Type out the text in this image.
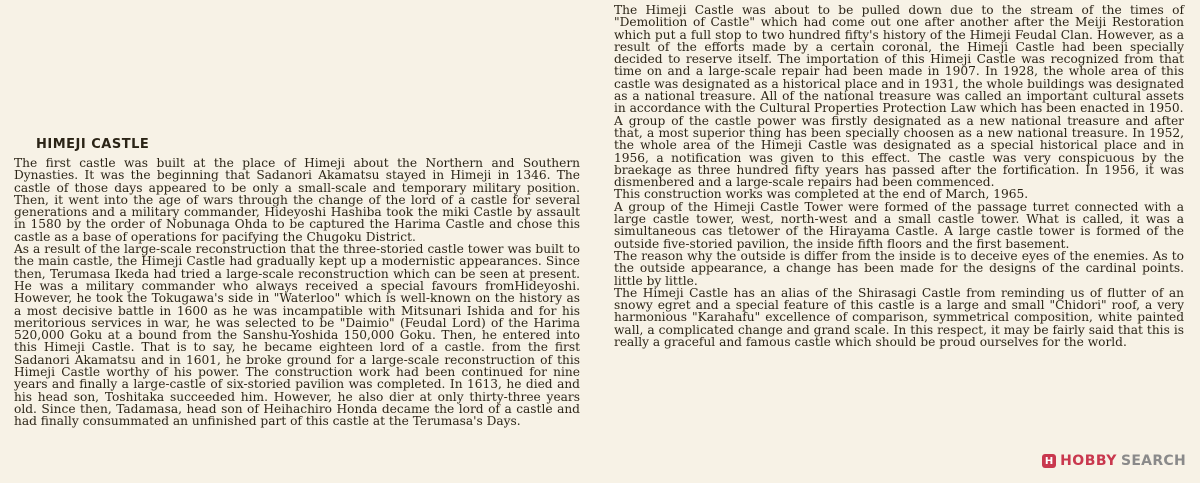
HIMEJI CASTLE

The first castle was built at the place of Himeji about the Northern and Southern Dynasties. It was the beginning that Sadanori Akamatsu stayed in Himeji in 1346. The castle of those days appeared to be only a small-scale and temporary military position. Then, it went into the age of wars through the change of the lord of a castle for several generations and a military commander, Hideyoshi Hashiba took the miki Castle by assault in 1580 by the order of Nobunaga Ohda to be captured the Harima Castle and chose this castle as a base of operations for pacifying the Chugoku District.

As a result of the large-scale reconstruction that the three-storied castle tower was built to the main castle, the Himeji Castle had gradually kept up a modernistic appearances. Since then, Terumasa Ikeda had tried a large-scale reconstruction which can be seen at present. He was a military commander who always received a special favours fromHideyoshi. However, he took the Tokugawa's side in "Waterloo" which is well-known on the history as a most decisive battle in 1600 as he was incampatible with Mitsunari Ishida and for his meritorious services in war, he was selected to be "Daimio" (Feudal Lord) of the Harima 520,000 Goku at a bound from the Sanshu-Yoshida 150,000 Goku. Then, he entered into this Himeji Castle. That is to say, he became eighteen lord of a castle. from the first Sadanori Akamatsu and in 1601, he broke ground for a large-scale reconstruction of this Himeji Castle worthy of his power. The construction work had been continued for nine years and finally a large-castle of six-storied pavilion was completed. In 1613, he died and his head son, Toshitaka succeeded him. However, he also dier at only thirty-three years old. Since then, Tadamasa, head son of Heihachiro Honda decame the lord of a castle and had finally consummated an unfinished part of this castle at the Terumasa's Days.

The Himeji Castle was about to be pulled down due to the stream of the times of "Demolition of Castle" which had come out one after another after the Meiji Restoration which put a full stop to two hundred fifty's history of the Himeji Feudal Clan. However, as a result of the efforts made by a certain coronal, the Himeji Castle had been specially decided to reserve itself. The importation of this Himeji Castle was recognized from that time on and a large-scale repair had been made in 1907. In 1928, the whole area of this castle was designated as a historical place and in 1931, the whole buildings was designated as a national treasure. All of the national treasure was called an important cultural assets in accordance with the Cultural Properties Protection Law which has been enacted in 1950.

A group of the castle power was firstly designated as a new national treasure and after that, a most superior thing has been specially choosen as a new national treasure. In 1952, the whole area of the Himeji Castle was designated as a special historical place and in 1956, a notification was given to this effect. The castle was very conspicuous by the braekage as three hundred fifty years has passed after the fortification. In 1956, it was dismenbered and a large-scale repairs had been commenced.

This construction works was completed at the end of March, 1965.

A group of the Himeji Castle Tower were formed of the passage turret connected with a large castle tower, west, north-west and a small castle tower. What is called, it was a simultaneous cas tletower of the Hirayama Castle. A large castle tower is formed of the outside five-storied pavilion, the inside fifth floors and the first basement.

The reason why the outside is differ from the inside is to deceive eyes of the enemies. As to the outside appearance, a change has been made for the designs of the cardinal points. little by little.

The Himeji Castle has an alias of the Shirasagi Castle from reminding us of flutter of an snowy egret and a special feature of this castle is a large and small "Chidori" roof, a very harmonious "Karahafu" excellence of comparison, symmetrical composition, white painted wall, a complicated change and grand scale. In this respect, it may be fairly said that this is really a graceful and famous castle which should be proud ourselves for the world.

H HOBBY SEARCH
